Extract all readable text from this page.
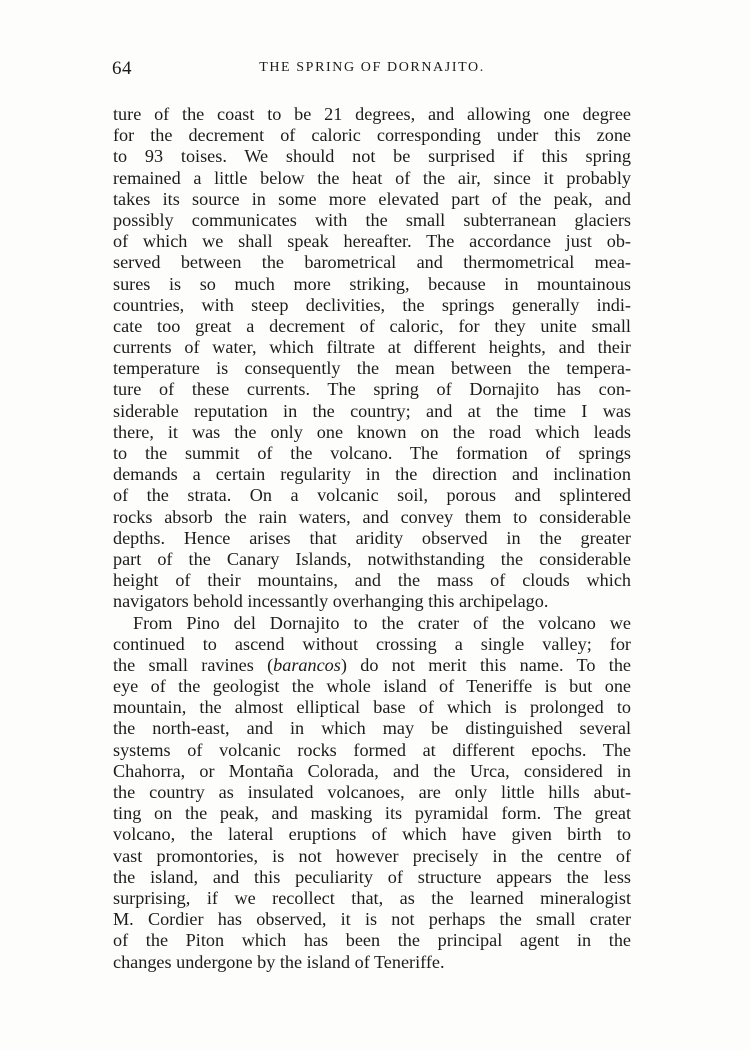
64	THE SPRING OF DORNAJITO.
ture of the coast to be 21 degrees, and allowing one degree
for the decrement of caloric corresponding under this zone
to 93 toises. We should not be surprised if this spring
remained a little below the heat of the air, since it probably
takes its source in some more elevated part of the peak, and
possibly communicates with the small subterranean glaciers
of which we shall speak hereafter. The accordance just ob-
served between the barometrical and thermometrical mea-
sures is so much more striking, because in mountainous
countries, with steep declivities, the springs generally indi-
cate too great a decrement of caloric, for they unite small
currents of water, which filtrate at different heights, and their
temperature is consequently the mean between the tempera-
ture of these currents. The spring of Dornajito has con-
siderable reputation in the country; and at the time I was
there, it was the only one known on the road which leads
to the summit of the volcano. The formation of springs
demands a certain regularity in the direction and inclination
of the strata. On a volcanic soil, porous and splintered
rocks absorb the rain waters, and convey them to considerable
depths. Hence arises that aridity observed in the greater
part of the Canary Islands, notwithstanding the considerable
height of their mountains, and the mass of clouds which
navigators behold incessantly overhanging this archipelago.
From Pino del Dornajito to the crater of the volcano we
continued to ascend without crossing a single valley; for
the small ravines (barancos) do not merit this name. To the
eye of the geologist the whole island of Teneriffe is but one
mountain, the almost elliptical base of which is prolonged to
the north-east, and in which may be distinguished several
systems of volcanic rocks formed at different epochs. The
Chahorra, or Montaña Colorada, and the Urca, considered in
the country as insulated volcanoes, are only little hills abut-
ting on the peak, and masking its pyramidal form. The great
volcano, the lateral eruptions of which have given birth to
vast promontories, is not however precisely in the centre of
the island, and this peculiarity of structure appears the less
surprising, if we recollect that, as the learned mineralogist
M. Cordier has observed, it is not perhaps the small crater
of the Piton which has been the principal agent in the
changes undergone by the island of Teneriffe.
